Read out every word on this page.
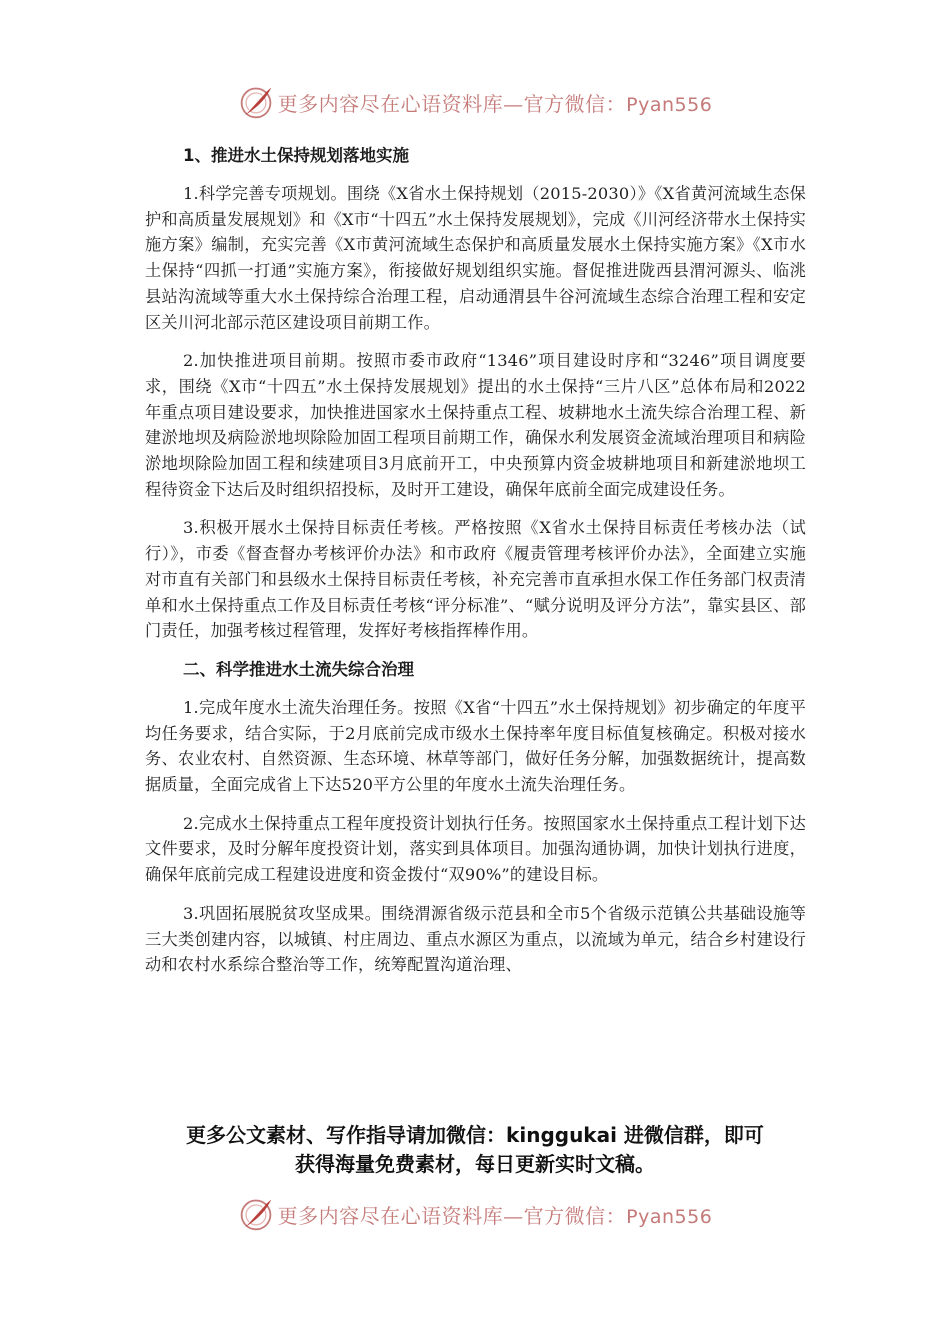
更多内容尽在心语资料库—官方微信：Pyan556
1、推进水土保持规划落地实施

1.科学完善专项规划。围绕《X省水土保持规划（2015-2030）》《X省黄河流域生态保护和高质量发展规划》和《X市“十四五”水土保持发展规划》，完成《川河经济带水土保持实施方案》编制，充实完善《X市黄河流域生态保护和高质量发展水土保持实施方案》《X市水土保持“四抓一打通”实施方案》，衔接做好规划组织实施。督促推进陇西县渭河源头、临洮县站沟流域等重大水土保持综合治理工程，启动通渭县牛谷河流域生态综合治理工程和安定区关川河北部示范区建设项目前期工作。

2.加快推进项目前期。按照市委市政府“1346”项目建设时序和“3246”项目调度要求，围绕《X市“十四五”水土保持发展规划》提出的水土保持“三片八区”总体布局和2022年重点项目建设要求，加快推进国家水土保持重点工程、坡耕地水土流失综合治理工程、新建淤地坝及病险淤地坝除险加固工程项目前期工作，确保水利发展资金流域治理项目和病险淤地坝除险加固工程和续建项目3月底前开工，中央预算内资金坡耕地项目和新建淤地坝工程待资金下达后及时组织招投标，及时开工建设，确保年底前全面完成建设任务。

3.积极开展水土保持目标责任考核。严格按照《X省水土保持目标责任考核办法（试行）》，市委《督查督办考核评价办法》和市政府《履责管理考核评价办法》，全面建立实施对市直有关部门和县级水土保持目标责任考核，补充完善市直承担水保工作任务部门权责清单和水土保持重点工作及目标责任考核“评分标准”、“赋分说明及评分方法”，靠实县区、部门责任，加强考核过程管理，发挥好考核指挥棒作用。

二、科学推进水土流失综合治理

1.完成年度水土流失治理任务。按照《X省“十四五”水土保持规划》初步确定的年度平均任务要求，结合实际，于2月底前完成市级水土保持率年度目标值复核确定。积极对接水务、农业农村、自然资源、生态环境、林草等部门，做好任务分解，加强数据统计，提高数据质量，全面完成省上下达520平方公里的年度水土流失治理任务。

2.完成水土保持重点工程年度投资计划执行任务。按照国家水土保持重点工程计划下达文件要求，及时分解年度投资计划，落实到具体项目。加强沟通协调，加快计划执行进度，确保年底前完成工程建设进度和资金拨付“双90%”的建设目标。

3.巩固拓展脱贫攻坚成果。围绕渭源省级示范县和全市5个省级示范镇公共基础设施等三大类创建内容，以城镇、村庄周边、重点水源区为重点，以流域为单元，结合乡村建设行动和农村水系综合整治等工作，统筹配置沟道治理、

更多公文素材、写作指导请加微信：kinggukai 进微信群，即可
获得海量免费素材，每日更新实时文稿。
更多内容尽在心语资料库—官方微信：Pyan556
